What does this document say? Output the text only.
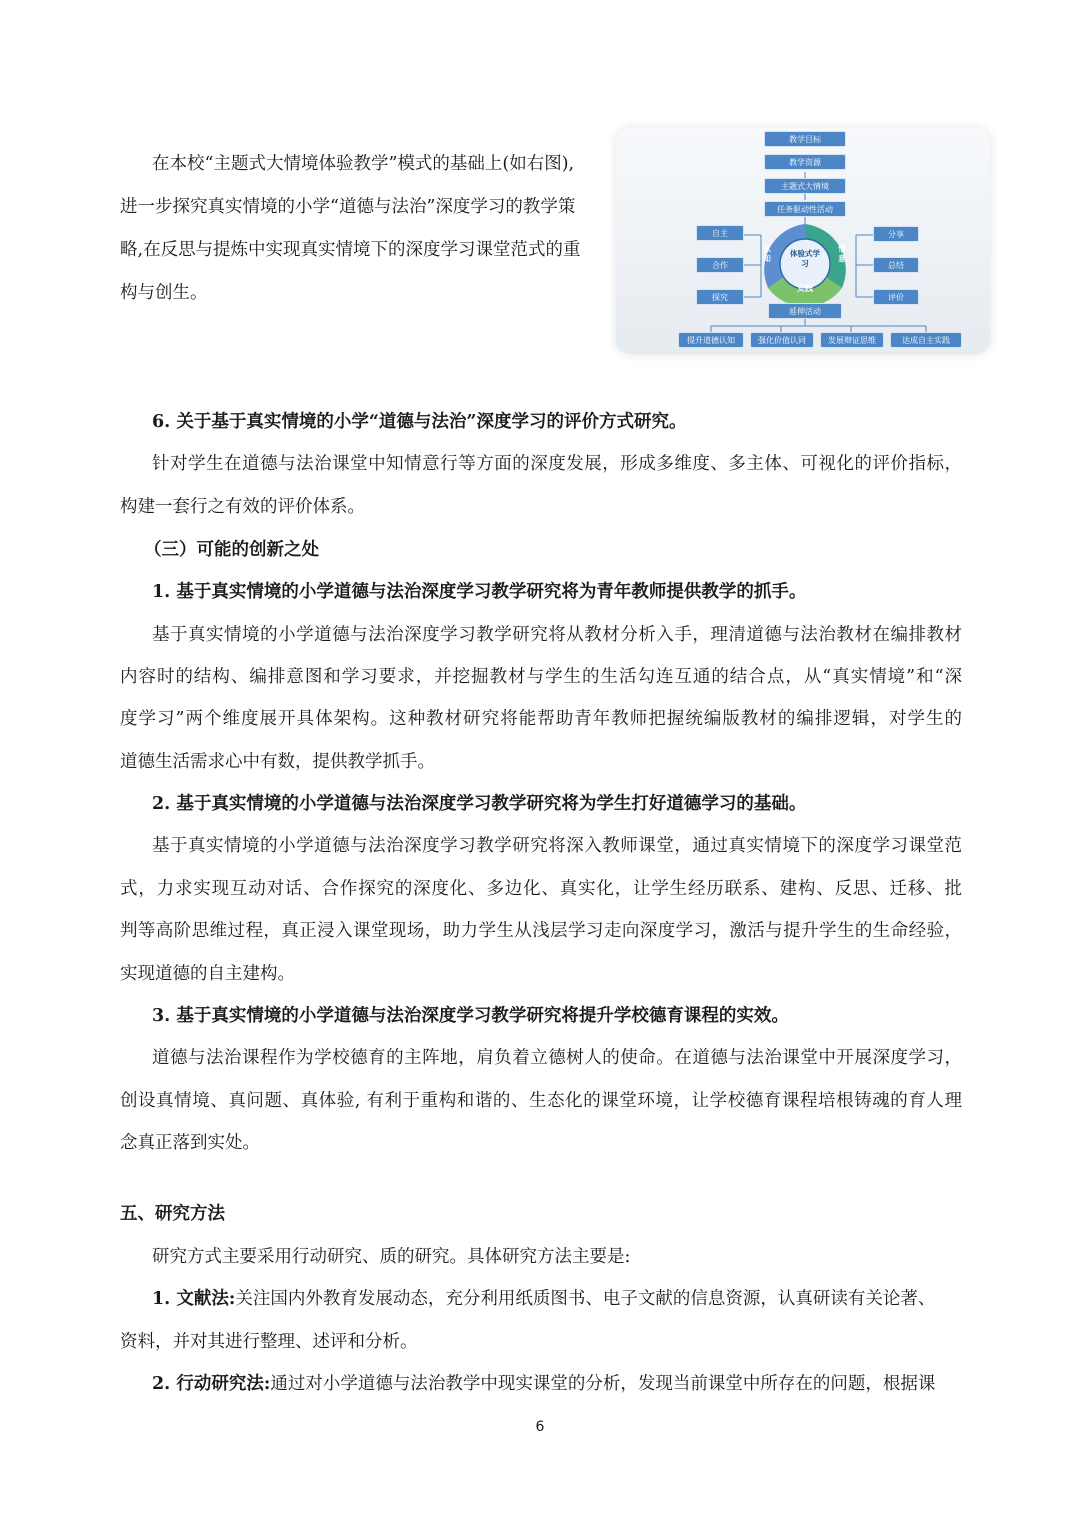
在本校“主题式大情境体验教学”模式的基础上(如右图),
进一步探究真实情境的小学“道德与法治”深度学习的教学策
略,在反思与提炼中实现真实情境下的深度学习课堂范式的重
构与创生。
教学目标
教学资源
主题式大情境
任务驱动性活动
自主
合作
探究
分享
总结
评价
体验式学习
认知
情意
实践
延伸活动
提升道德认知	强化价值认同	发展辩证思维	达成自主实践
6. 关于基于真实情境的小学“道德与法治”深度学习的评价方式研究。
针对学生在道德与法治课堂中知情意行等方面的深度发展，形成多维度、多主体、可视化的评价指标，
构建一套行之有效的评价体系。
（三）可能的创新之处
1. 基于真实情境的小学道德与法治深度学习教学研究将为青年教师提供教学的抓手。
基于真实情境的小学道德与法治深度学习教学研究将从教材分析入手，理清道德与法治教材在编排教材
内容时的结构、编排意图和学习要求，并挖掘教材与学生的生活勾连互通的结合点，从“真实情境”和“深
度学习”两个维度展开具体架构。这种教材研究将能帮助青年教师把握统编版教材的编排逻辑，对学生的
道德生活需求心中有数，提供教学抓手。
2. 基于真实情境的小学道德与法治深度学习教学研究将为学生打好道德学习的基础。
基于真实情境的小学道德与法治深度学习教学研究将深入教师课堂，通过真实情境下的深度学习课堂范
式，力求实现互动对话、合作探究的深度化、多边化、真实化，让学生经历联系、建构、反思、迁移、批
判等高阶思维过程，真正浸入课堂现场，助力学生从浅层学习走向深度学习，激活与提升学生的生命经验，
实现道德的自主建构。
3. 基于真实情境的小学道德与法治深度学习教学研究将提升学校德育课程的实效。
道德与法治课程作为学校德育的主阵地，肩负着立德树人的使命。在道德与法治课堂中开展深度学习，
创设真情境、真问题、真体验, 有利于重构和谐的、生态化的课堂环境，让学校德育课程培根铸魂的育人理
念真正落到实处。
五、研究方法
研究方式主要采用行动研究、质的研究。具体研究方法主要是:
1. 文献法:关注国内外教育发展动态，充分利用纸质图书、电子文献的信息资源，认真研读有关论著、
资料，并对其进行整理、述评和分析。
2. 行动研究法:通过对小学道德与法治教学中现实课堂的分析，发现当前课堂中所存在的问题，根据课
6
